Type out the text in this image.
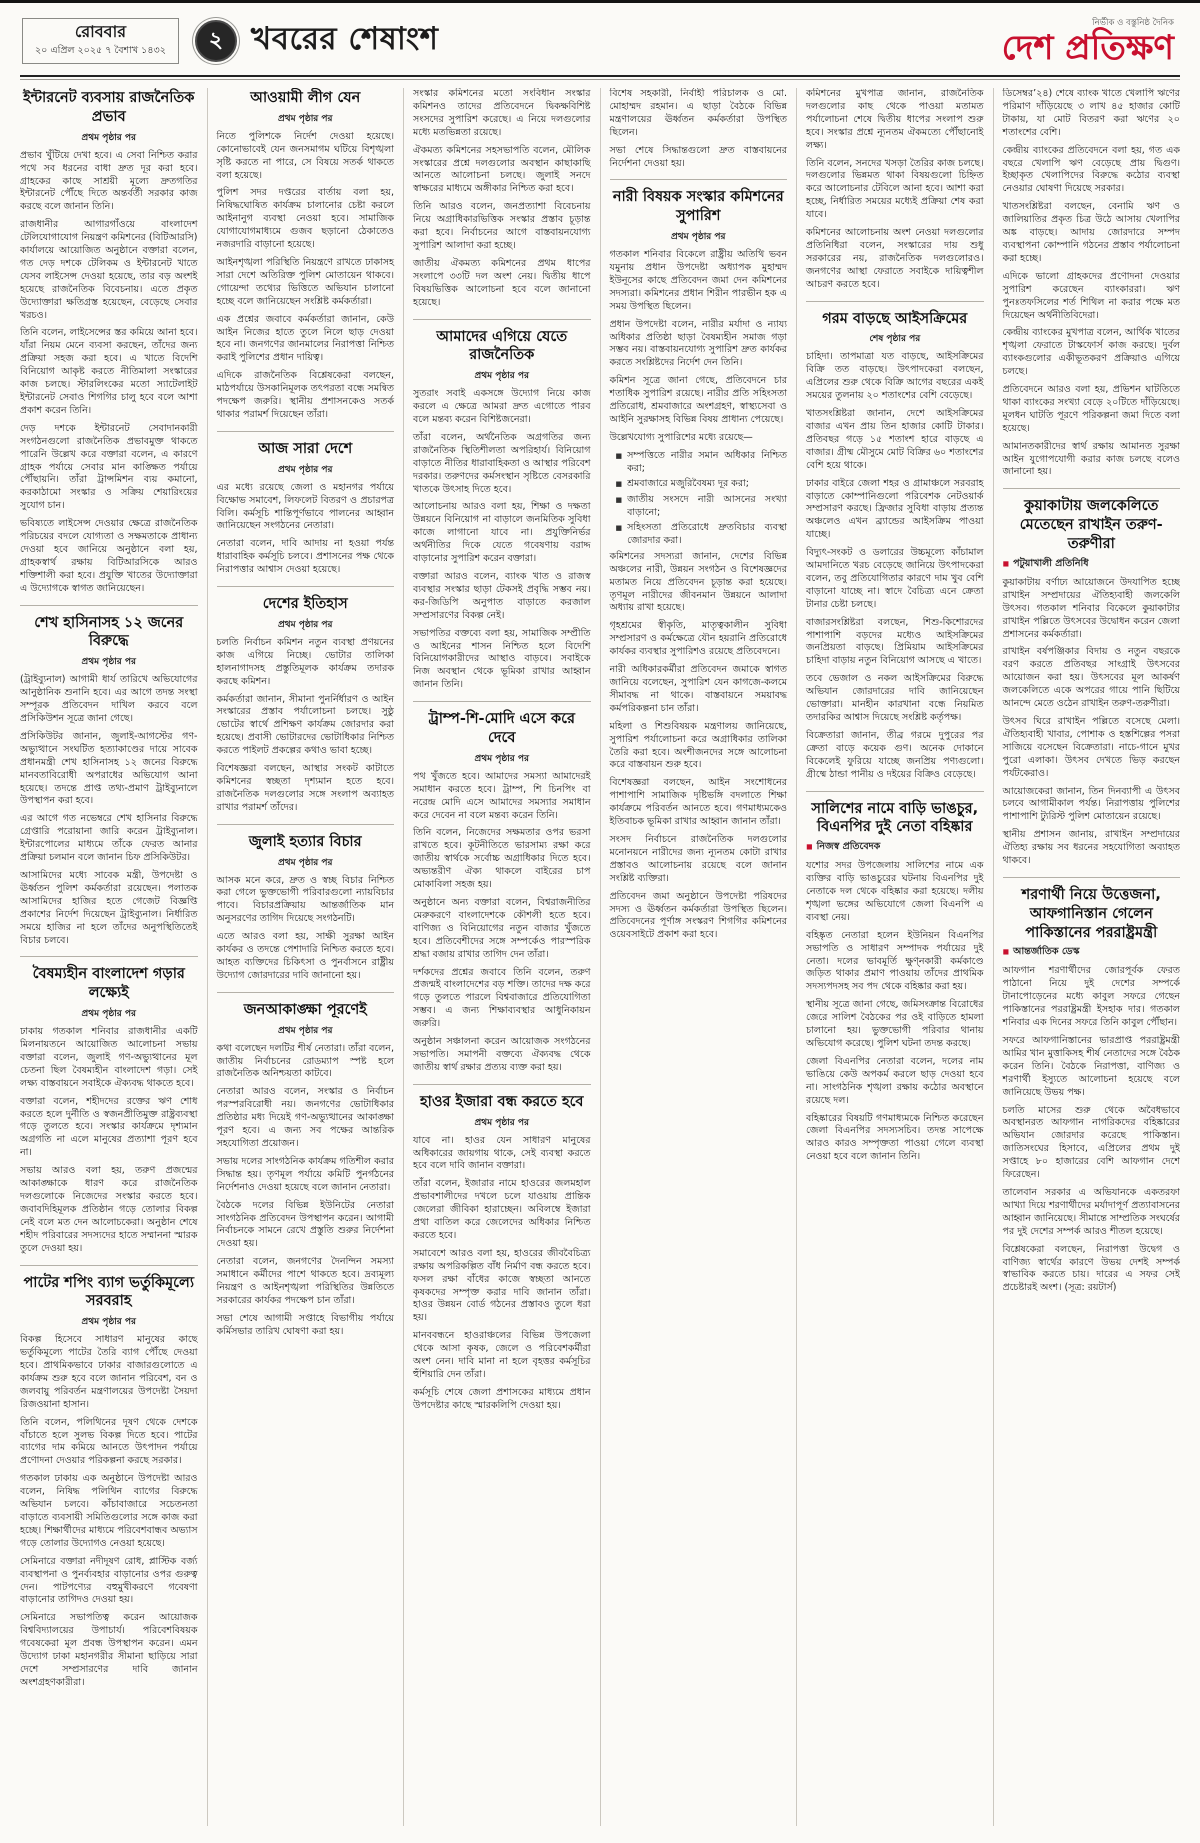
রোববার
২০ এপ্রিল ২০২৫ ৭ বৈশাখ ১৪৩২ ২ খবরের শেষাংশ	নির্ভীক ও বস্তুনিষ্ঠ দৈনিক
দেশ প্রতিক্ষণ
ইন্টারনেট ব্যবসায় রাজনৈতিক প্রভাব
প্রথম পৃষ্ঠার পর

প্রভাব খুঁটিয়ে দেখা হবে। এ সেবা নিশ্চিত করার পথে সব ধরনের বাধা দ্রুত দূর করা হবে। গ্রাহকের কাছে সাশ্রয়ী মূল্যে দ্রুতগতির ইন্টারনেট পৌঁছে দিতে অন্তর্বর্তী সরকার কাজ করছে বলে জানান তিনি।

রাজধানীর আগারগাঁওয়ে বাংলাদেশ টেলিযোগাযোগ নিয়ন্ত্রণ কমিশনের (বিটিআরসি) কার্যালয়ে আয়োজিত অনুষ্ঠানে বক্তারা বলেন, গত দেড় দশকে টেলিকম ও ইন্টারনেট খাতে যেসব লাইসেন্স দেওয়া হয়েছে, তার বড় অংশই হয়েছে রাজনৈতিক বিবেচনায়। এতে প্রকৃত উদ্যোক্তারা ক্ষতিগ্রস্ত হয়েছেন, বেড়েছে সেবার খরচও।

তিনি বলেন, লাইসেন্সের স্তর কমিয়ে আনা হবে। যাঁরা নিয়ম মেনে ব্যবসা করছেন, তাঁদের জন্য প্রক্রিয়া সহজ করা হবে। এ খাতে বিদেশি বিনিয়োগ আকৃষ্ট করতে নীতিমালা সংস্কারের কাজ চলছে। স্টারলিংকের মতো স্যাটেলাইট ইন্টারনেট সেবাও শিগগির চালু হবে বলে আশা প্রকাশ করেন তিনি।

দেড় দশকে ইন্টারনেট সেবাদানকারী সংগঠনগুলো রাজনৈতিক প্রভাবমুক্ত থাকতে পারেনি উল্লেখ করে বক্তারা বলেন, এ কারণে গ্রাহক পর্যায়ে সেবার মান কাঙ্ক্ষিত পর্যায়ে পৌঁছায়নি। তাঁরা ট্রান্সমিশন ব্যয় কমানো, করকাঠামো সংস্কার ও সক্রিয় শেয়ারিংয়ের সুযোগ চান।

ভবিষ্যতে লাইসেন্স দেওয়ার ক্ষেত্রে রাজনৈতিক পরিচয়ের বদলে যোগ্যতা ও সক্ষমতাকে প্রাধান্য দেওয়া হবে জানিয়ে অনুষ্ঠানে বলা হয়, গ্রাহকস্বার্থ রক্ষায় বিটিআরসিকে আরও শক্তিশালী করা হবে। প্রযুক্তি খাতের উদ্যোক্তারা এ উদ্যোগকে স্বাগত জানিয়েছেন।

শেখ হাসিনাসহ ১২ জনের বিরুদ্ধে
প্রথম পৃষ্ঠার পর

(ট্রাইব্যুনাল) আগামী ধার্য তারিখে অভিযোগের আনুষ্ঠানিক শুনানি হবে। এর আগে তদন্ত সংস্থা সম্পূরক প্রতিবেদন দাখিল করবে বলে প্রসিকিউশন সূত্রে জানা গেছে।

প্রসিকিউটর জানান, জুলাই-আগস্টের গণ-অভ্যুত্থানে সংঘটিত হত্যাকাণ্ডের দায়ে সাবেক প্রধানমন্ত্রী শেখ হাসিনাসহ ১২ জনের বিরুদ্ধে মানবতাবিরোধী অপরাধের অভিযোগ আনা হয়েছে। তদন্তে প্রাপ্ত তথ্য-প্রমাণ ট্রাইব্যুনালে উপস্থাপন করা হবে।

এর আগে গত নভেম্বরে শেখ হাসিনার বিরুদ্ধে গ্রেপ্তারি পরোয়ানা জারি করেন ট্রাইব্যুনাল। ইন্টারপোলের মাধ্যমে তাঁকে ফেরত আনার প্রক্রিয়া চলমান বলে জানান চিফ প্রসিকিউটর।

আসামিদের মধ্যে সাবেক মন্ত্রী, উপদেষ্টা ও ঊর্ধ্বতন পুলিশ কর্মকর্তারা রয়েছেন। পলাতক আসামিদের হাজির হতে গেজেট বিজ্ঞপ্তি প্রকাশের নির্দেশ দিয়েছেন ট্রাইব্যুনাল। নির্ধারিত সময়ে হাজির না হলে তাঁদের অনুপস্থিতিতেই বিচার চলবে।

বৈষম্যহীন বাংলাদেশ গড়ার লক্ষ্যেই
প্রথম পৃষ্ঠার পর

ঢাকায় গতকাল শনিবার রাজধানীর একটি মিলনায়তনে আয়োজিত আলোচনা সভায় বক্তারা বলেন, জুলাই গণ-অভ্যুত্থানের মূল চেতনা ছিল বৈষম্যহীন বাংলাদেশ গড়া। সেই লক্ষ্য বাস্তবায়নে সবাইকে ঐক্যবদ্ধ থাকতে হবে।

বক্তারা বলেন, শহীদদের রক্তের ঋণ শোধ করতে হলে দুর্নীতি ও স্বজনপ্রীতিমুক্ত রাষ্ট্রব্যবস্থা গড়ে তুলতে হবে। সংস্কার কার্যক্রমে দৃশ্যমান অগ্রগতি না এলে মানুষের প্রত্যাশা পূরণ হবে না।

সভায় আরও বলা হয়, তরুণ প্রজন্মের আকাঙ্ক্ষাকে ধারণ করে রাজনৈতিক দলগুলোকে নিজেদের সংস্কার করতে হবে। জবাবদিহিমূলক প্রতিষ্ঠান গড়ে তোলার বিকল্প নেই বলে মত দেন আলোচকেরা। অনুষ্ঠান শেষে শহীদ পরিবারের সদস্যদের হাতে সম্মাননা স্মারক তুলে দেওয়া হয়।

পাটের শপিং ব্যাগ ভর্তুকিমূল্যে সরবরাহ
প্রথম পৃষ্ঠার পর

বিকল্প হিসেবে সাধারণ মানুষের কাছে ভর্তুকিমূল্যে পাটের তৈরি ব্যাগ পৌঁছে দেওয়া হবে। প্রাথমিকভাবে ঢাকার বাজারগুলোতে এ কার্যক্রম শুরু হবে বলে জানান পরিবেশ, বন ও জলবায়ু পরিবর্তন মন্ত্রণালয়ের উপদেষ্টা সৈয়দা রিজওয়ানা হাসান।

তিনি বলেন, পলিথিনের দূষণ থেকে দেশকে বাঁচাতে হলে সুলভ বিকল্প দিতে হবে। পাটের ব্যাগের দাম কমিয়ে আনতে উৎপাদন পর্যায়ে প্রণোদনা দেওয়ার পরিকল্পনা করছে সরকার।

গতকাল ঢাকায় এক অনুষ্ঠানে উপদেষ্টা আরও বলেন, নিষিদ্ধ পলিথিন ব্যাগের বিরুদ্ধে অভিযান চলবে। কাঁচাবাজারে সচেতনতা বাড়াতে ব্যবসায়ী সমিতিগুলোর সঙ্গে কাজ করা হচ্ছে। শিক্ষার্থীদের মাধ্যমে পরিবেশবান্ধব অভ্যাস গড়ে তোলার উদ্যোগও নেওয়া হয়েছে।

সেমিনারে বক্তারা নদীদূষণ রোধ, প্লাস্টিক বর্জ্য ব্যবস্থাপনা ও পুনর্ব্যবহার বাড়ানোর ওপর গুরুত্ব দেন। পাটপণ্যের বহুমুখীকরণে গবেষণা বাড়ানোর তাগিদও দেওয়া হয়।

সেমিনারে সভাপতিত্ব করেন আয়োজক বিশ্ববিদ্যালয়ের উপাচার্য। পরিবেশবিষয়ক গবেষকেরা মূল প্রবন্ধ উপস্থাপন করেন। এমন উদ্যোগ ঢাকা মহানগরীর সীমানা ছাড়িয়ে সারা দেশে সম্প্রসারণের দাবি জানান অংশগ্রহণকারীরা।

আওয়ামী লীগ যেন
প্রথম পৃষ্ঠার পর

নিতে পুলিশকে নির্দেশ দেওয়া হয়েছে। কোনোভাবেই যেন জনসমাগম ঘটিয়ে বিশৃঙ্খলা সৃষ্টি করতে না পারে, সে বিষয়ে সতর্ক থাকতে বলা হয়েছে।

পুলিশ সদর দপ্তরের বার্তায় বলা হয়, নিষিদ্ধঘোষিত কার্যক্রম চালানোর চেষ্টা করলে আইনানুগ ব্যবস্থা নেওয়া হবে। সামাজিক যোগাযোগমাধ্যমে গুজব ছড়ানো ঠেকাতেও নজরদারি বাড়ানো হয়েছে।

আইনশৃঙ্খলা পরিস্থিতি নিয়ন্ত্রণে রাখতে ঢাকাসহ সারা দেশে অতিরিক্ত পুলিশ মোতায়েন থাকবে। গোয়েন্দা তথ্যের ভিত্তিতে অভিযান চালানো হচ্ছে বলে জানিয়েছেন সংশ্লিষ্ট কর্মকর্তারা।

এক প্রশ্নের জবাবে কর্মকর্তারা জানান, কেউ আইন নিজের হাতে তুলে নিলে ছাড় দেওয়া হবে না। জনগণের জানমালের নিরাপত্তা নিশ্চিত করাই পুলিশের প্রধান দায়িত্ব।

এদিকে রাজনৈতিক বিশ্লেষকেরা বলছেন, মাঠপর্যায়ে উসকানিমূলক তৎপরতা বন্ধে সমন্বিত পদক্ষেপ জরুরি। স্থানীয় প্রশাসনকেও সতর্ক থাকার পরামর্শ দিয়েছেন তাঁরা।

আজ সারা দেশে
প্রথম পৃষ্ঠার পর

এর মধ্যে রয়েছে জেলা ও মহানগর পর্যায়ে বিক্ষোভ সমাবেশ, লিফলেট বিতরণ ও প্রচারপত্র বিলি। কর্মসূচি শান্তিপূর্ণভাবে পালনের আহ্বান জানিয়েছেন সংগঠনের নেতারা।

নেতারা বলেন, দাবি আদায় না হওয়া পর্যন্ত ধারাবাহিক কর্মসূচি চলবে। প্রশাসনের পক্ষ থেকে নিরাপত্তার আশ্বাস দেওয়া হয়েছে।

দেশের ইতিহাস
প্রথম পৃষ্ঠার পর

চলতি নির্বাচন কমিশন নতুন ব্যবস্থা প্রণয়নের কাজ এগিয়ে নিচ্ছে। ভোটার তালিকা হালনাগাদসহ প্রস্তুতিমূলক কার্যক্রম তদারক করছে কমিশন।

কর্মকর্তারা জানান, সীমানা পুনর্নির্ধারণ ও আইন সংস্কারের প্রস্তাব পর্যালোচনা চলছে। সুষ্ঠু ভোটের স্বার্থে প্রশিক্ষণ কার্যক্রম জোরদার করা হয়েছে। প্রবাসী ভোটারদের ভোটাধিকার নিশ্চিত করতে পাইলট প্রকল্পের কথাও ভাবা হচ্ছে।

বিশেষজ্ঞরা বলছেন, আস্থার সংকট কাটাতে কমিশনের স্বচ্ছতা দৃশ্যমান হতে হবে। রাজনৈতিক দলগুলোর সঙ্গে সংলাপ অব্যাহত রাখার পরামর্শ তাঁদের।

জুলাই হত্যার বিচার
প্রথম পৃষ্ঠার পর

আসক মনে করে, দ্রুত ও স্বচ্ছ বিচার নিশ্চিত করা গেলে ভুক্তভোগী পরিবারগুলো ন্যায়বিচার পাবে। বিচারপ্রক্রিয়ায় আন্তর্জাতিক মান অনুসরণের তাগিদ দিয়েছে সংগঠনটি।

এতে আরও বলা হয়, সাক্ষী সুরক্ষা আইন কার্যকর ও তদন্তে পেশাদারি নিশ্চিত করতে হবে। আহত ব্যক্তিদের চিকিৎসা ও পুনর্বাসনে রাষ্ট্রীয় উদ্যোগ জোরদারের দাবি জানানো হয়।

জনআকাঙ্ক্ষা পূরণেই
প্রথম পৃষ্ঠার পর

কথা বলেছেন দলটির শীর্ষ নেতারা। তাঁরা বলেন, জাতীয় নির্বাচনের রোডম্যাপ স্পষ্ট হলে রাজনৈতিক অনিশ্চয়তা কাটবে।

নেতারা আরও বলেন, সংস্কার ও নির্বাচন পরস্পরবিরোধী নয়। জনগণের ভোটাধিকার প্রতিষ্ঠার মধ্য দিয়েই গণ-অভ্যুত্থানের আকাঙ্ক্ষা পূরণ হবে। এ জন্য সব পক্ষের আন্তরিক সহযোগিতা প্রয়োজন।

সভায় দলের সাংগঠনিক কার্যক্রম গতিশীল করার সিদ্ধান্ত হয়। তৃণমূল পর্যায়ে কমিটি পুনর্গঠনের নির্দেশনাও দেওয়া হয়েছে বলে জানান নেতারা।

বৈঠকে দলের বিভিন্ন ইউনিটের নেতারা সাংগঠনিক প্রতিবেদন উপস্থাপন করেন। আগামী নির্বাচনকে সামনে রেখে প্রস্তুতি শুরুর নির্দেশনা দেওয়া হয়।

নেতারা বলেন, জনগণের দৈনন্দিন সমস্যা সমাধানে কর্মীদের পাশে থাকতে হবে। দ্রব্যমূল্য নিয়ন্ত্রণ ও আইনশৃঙ্খলা পরিস্থিতির উন্নতিতে সরকারের কার্যকর পদক্ষেপ চান তাঁরা।

সভা শেষে আগামী সপ্তাহে বিভাগীয় পর্যায়ে কর্মিসভার তারিখ ঘোষণা করা হয়।

সংস্কার কমিশনের মতো সংবিধান সংস্কার কমিশনও তাদের প্রতিবেদনে দ্বিকক্ষবিশিষ্ট সংসদের সুপারিশ করেছে। এ নিয়ে দলগুলোর মধ্যে মতভিন্নতা রয়েছে।

ঐকমত্য কমিশনের সহসভাপতি বলেন, মৌলিক সংস্কারের প্রশ্নে দলগুলোর অবস্থান কাছাকাছি আনতে আলোচনা চলছে। জুলাই সনদে স্বাক্ষরের মাধ্যমে অঙ্গীকার নিশ্চিত করা হবে।

তিনি আরও বলেন, জনপ্রত্যাশা বিবেচনায় নিয়ে অগ্রাধিকারভিত্তিক সংস্কার প্রস্তাব চূড়ান্ত করা হবে। নির্বাচনের আগে বাস্তবায়নযোগ্য সুপারিশ আলাদা করা হচ্ছে।

জাতীয় ঐকমত্য কমিশনের প্রথম ধাপের সংলাপে ৩৩টি দল অংশ নেয়। দ্বিতীয় ধাপে বিষয়ভিত্তিক আলোচনা হবে বলে জানানো হয়েছে।

আমাদের এগিয়ে যেতে রাজনৈতিক
প্রথম পৃষ্ঠার পর

সুতরাং সবাই একসঙ্গে উদ্যোগ নিয়ে কাজ করলে এ ক্ষেত্রে আমরা দ্রুত এগোতে পারব বলে মন্তব্য করেন বিশিষ্টজনেরা।

তাঁরা বলেন, অর্থনৈতিক অগ্রগতির জন্য রাজনৈতিক স্থিতিশীলতা অপরিহার্য। বিনিয়োগ বাড়াতে নীতির ধারাবাহিকতা ও আস্থার পরিবেশ দরকার। তরুণদের কর্মসংস্থান সৃষ্টিতে বেসরকারি খাতকে উৎসাহ দিতে হবে।

আলোচনায় আরও বলা হয়, শিক্ষা ও দক্ষতা উন্নয়নে বিনিয়োগ না বাড়ালে জনমিতিক সুবিধা কাজে লাগানো যাবে না। প্রযুক্তিনির্ভর অর্থনীতির দিকে যেতে গবেষণায় বরাদ্দ বাড়ানোর সুপারিশ করেন বক্তারা।

বক্তারা আরও বলেন, ব্যাংক খাত ও রাজস্ব ব্যবস্থার সংস্কার ছাড়া টেকসই প্রবৃদ্ধি সম্ভব নয়। কর-জিডিপি অনুপাত বাড়াতে করজাল সম্প্রসারণের বিকল্প নেই।

সভাপতির বক্তব্যে বলা হয়, সামাজিক সম্প্রীতি ও আইনের শাসন নিশ্চিত হলে বিদেশি বিনিয়োগকারীদের আস্থাও বাড়বে। সবাইকে নিজ অবস্থান থেকে ভূমিকা রাখার আহ্বান জানান তিনি।

ট্রাম্প-শি-মোদি এসে করে দেবে
প্রথম পৃষ্ঠার পর

পথ খুঁজতে হবে। আমাদের সমস্যা আমাদেরই সমাধান করতে হবে। ট্রাম্প, শি চিনপিং বা নরেন্দ্র মোদি এসে আমাদের সমস্যার সমাধান করে দেবেন না বলে মন্তব্য করেন তিনি।

তিনি বলেন, নিজেদের সক্ষমতার ওপর ভরসা রাখতে হবে। কূটনীতিতে ভারসাম্য রক্ষা করে জাতীয় স্বার্থকে সর্বোচ্চ অগ্রাধিকার দিতে হবে। অভ্যন্তরীণ ঐক্য থাকলে বাইরের চাপ মোকাবিলা সহজ হয়।

অনুষ্ঠানে অন্য বক্তারা বলেন, বিশ্বরাজনীতির মেরুকরণে বাংলাদেশকে কৌশলী হতে হবে। বাণিজ্য ও বিনিয়োগের নতুন বাজার খুঁজতে হবে। প্রতিবেশীদের সঙ্গে সম্পর্কেও পারস্পরিক শ্রদ্ধা বজায় রাখার তাগিদ দেন তাঁরা।

দর্শকদের প্রশ্নের জবাবে তিনি বলেন, তরুণ প্রজন্মই বাংলাদেশের বড় শক্তি। তাদের দক্ষ করে গড়ে তুলতে পারলে বিশ্ববাজারে প্রতিযোগিতা সম্ভব। এ জন্য শিক্ষাব্যবস্থার আধুনিকায়ন জরুরি।

অনুষ্ঠান সঞ্চালনা করেন আয়োজক সংগঠনের সভাপতি। সমাপনী বক্তব্যে ঐক্যবদ্ধ থেকে জাতীয় স্বার্থ রক্ষার প্রত্যয় ব্যক্ত করা হয়।

হাওর ইজারা বন্ধ করতে হবে
প্রথম পৃষ্ঠার পর

যাবে না। হাওর যেন সাধারণ মানুষের অধিকারের জায়গায় থাকে, সেই ব্যবস্থা করতে হবে বলে দাবি জানান বক্তারা।

তাঁরা বলেন, ইজারার নামে হাওরের জলমহাল প্রভাবশালীদের দখলে চলে যাওয়ায় প্রান্তিক জেলেরা জীবিকা হারাচ্ছেন। অবিলম্বে ইজারা প্রথা বাতিল করে জেলেদের অধিকার নিশ্চিত করতে হবে।

সমাবেশে আরও বলা হয়, হাওরের জীববৈচিত্র্য রক্ষায় অপরিকল্পিত বাঁধ নির্মাণ বন্ধ করতে হবে। ফসল রক্ষা বাঁধের কাজে স্বচ্ছতা আনতে কৃষকদের সম্পৃক্ত করার দাবি জানান তাঁরা। হাওর উন্নয়ন বোর্ড গঠনের প্রস্তাবও তুলে ধরা হয়।

মানববন্ধনে হাওরাঞ্চলের বিভিন্ন উপজেলা থেকে আসা কৃষক, জেলে ও পরিবেশকর্মীরা অংশ নেন। দাবি মানা না হলে বৃহত্তর কর্মসূচির হুঁশিয়ারি দেন তাঁরা।

কর্মসূচি শেষে জেলা প্রশাসকের মাধ্যমে প্রধান উপদেষ্টার কাছে স্মারকলিপি দেওয়া হয়।

বিশেষ সহকারী, নির্বাহী পরিচালক ও মো. মোহাম্মদ রহমান। এ ছাড়া বৈঠকে বিভিন্ন মন্ত্রণালয়ের ঊর্ধ্বতন কর্মকর্তারা উপস্থিত ছিলেন।

সভা শেষে সিদ্ধান্তগুলো দ্রুত বাস্তবায়নের নির্দেশনা দেওয়া হয়।

নারী বিষয়ক সংস্কার কমিশনের সুপারিশ
প্রথম পৃষ্ঠার পর

গতকাল শনিবার বিকেলে রাষ্ট্রীয় অতিথি ভবন যমুনায় প্রধান উপদেষ্টা অধ্যাপক মুহাম্মদ ইউনূসের কাছে প্রতিবেদন জমা দেন কমিশনের সদস্যরা। কমিশনের প্রধান শিরীন পারভীন হক এ সময় উপস্থিত ছিলেন।

প্রধান উপদেষ্টা বলেন, নারীর মর্যাদা ও ন্যায্য অধিকার প্রতিষ্ঠা ছাড়া বৈষম্যহীন সমাজ গড়া সম্ভব নয়। বাস্তবায়নযোগ্য সুপারিশ দ্রুত কার্যকর করতে সংশ্লিষ্টদের নির্দেশ দেন তিনি।

কমিশন সূত্রে জানা গেছে, প্রতিবেদনে চার শতাধিক সুপারিশ রয়েছে। নারীর প্রতি সহিংসতা প্রতিরোধ, শ্রমবাজারে অংশগ্রহণ, স্বাস্থ্যসেবা ও আইনি সুরক্ষাসহ বিভিন্ন বিষয় প্রাধান্য পেয়েছে।

উল্লেখযোগ্য সুপারিশের মধ্যে রয়েছে—

■ সম্পত্তিতে নারীর সমান অধিকার নিশ্চিত করা;
■ শ্রমবাজারে মজুরিবৈষম্য দূর করা;
■ জাতীয় সংসদে নারী আসনের সংখ্যা বাড়ানো;
■ সহিংসতা প্রতিরোধে দ্রুতবিচার ব্যবস্থা জোরদার করা।

কমিশনের সদস্যরা জানান, দেশের বিভিন্ন অঞ্চলের নারী, উন্নয়ন সংগঠন ও বিশেষজ্ঞদের মতামত নিয়ে প্রতিবেদন চূড়ান্ত করা হয়েছে। তৃণমূল নারীদের জীবনমান উন্নয়নে আলাদা অধ্যায় রাখা হয়েছে।

গৃহশ্রমের স্বীকৃতি, মাতৃত্বকালীন সুবিধা সম্প্রসারণ ও কর্মক্ষেত্রে যৌন হয়রানি প্রতিরোধে কার্যকর ব্যবস্থার সুপারিশও রয়েছে প্রতিবেদনে।

নারী অধিকারকর্মীরা প্রতিবেদন জমাকে স্বাগত জানিয়ে বলেছেন, সুপারিশ যেন কাগজে-কলমে সীমাবদ্ধ না থাকে। বাস্তবায়নে সময়াবদ্ধ কর্মপরিকল্পনা চান তাঁরা।

মহিলা ও শিশুবিষয়ক মন্ত্রণালয় জানিয়েছে, সুপারিশ পর্যালোচনা করে অগ্রাধিকার তালিকা তৈরি করা হবে। অংশীজনদের সঙ্গে আলোচনা করে বাস্তবায়ন শুরু হবে।

বিশেষজ্ঞরা বলছেন, আইন সংশোধনের পাশাপাশি সামাজিক দৃষ্টিভঙ্গি বদলাতে শিক্ষা কার্যক্রমে পরিবর্তন আনতে হবে। গণমাধ্যমকেও ইতিবাচক ভূমিকা রাখার আহ্বান জানান তাঁরা।

সংসদ নির্বাচনে রাজনৈতিক দলগুলোর মনোনয়নে নারীদের জন্য ন্যূনতম কোটা রাখার প্রস্তাবও আলোচনায় রয়েছে বলে জানান সংশ্লিষ্ট ব্যক্তিরা।

প্রতিবেদন জমা অনুষ্ঠানে উপদেষ্টা পরিষদের সদস্য ও ঊর্ধ্বতন কর্মকর্তারা উপস্থিত ছিলেন। প্রতিবেদনের পূর্ণাঙ্গ সংস্করণ শিগগির কমিশনের ওয়েবসাইটে প্রকাশ করা হবে।

কমিশনের মুখপাত্র জানান, রাজনৈতিক দলগুলোর কাছ থেকে পাওয়া মতামত পর্যালোচনা শেষে দ্বিতীয় ধাপের সংলাপ শুরু হবে। সংস্কার প্রশ্নে ন্যূনতম ঐকমত্যে পৌঁছানোই লক্ষ্য।

তিনি বলেন, সনদের খসড়া তৈরির কাজ চলছে। দলগুলোর ভিন্নমত থাকা বিষয়গুলো চিহ্নিত করে আলোচনার টেবিলে আনা হবে। আশা করা হচ্ছে, নির্ধারিত সময়ের মধ্যেই প্রক্রিয়া শেষ করা যাবে।

কমিশনের আলোচনায় অংশ নেওয়া দলগুলোর প্রতিনিধিরা বলেন, সংস্কারের দায় শুধু সরকারের নয়, রাজনৈতিক দলগুলোরও। জনগণের আস্থা ফেরাতে সবাইকে দায়িত্বশীল আচরণ করতে হবে।

গরম বাড়ছে আইসক্রিমের
শেষ পৃষ্ঠার পর

চাহিদা। তাপমাত্রা যত বাড়ছে, আইসক্রিমের বিক্রি তত বাড়ছে। উৎপাদকেরা বলছেন, এপ্রিলের শুরু থেকে বিক্রি আগের বছরের একই সময়ের তুলনায় ২০ শতাংশের বেশি বেড়েছে।

খাতসংশ্লিষ্টরা জানান, দেশে আইসক্রিমের বাজার এখন প্রায় তিন হাজার কোটি টাকার। প্রতিবছর গড়ে ১৫ শতাংশ হারে বাড়ছে এ বাজার। গ্রীষ্ম মৌসুমে মোট বিক্রির ৬০ শতাংশের বেশি হয়ে থাকে।

ঢাকার বাইরে জেলা শহর ও গ্রামাঞ্চলে সরবরাহ বাড়াতে কোম্পানিগুলো পরিবেশক নেটওয়ার্ক সম্প্রসারণ করছে। ফ্রিজার সুবিধা বাড়ায় প্রত্যন্ত অঞ্চলেও এখন ব্র্যান্ডের আইসক্রিম পাওয়া যাচ্ছে।

বিদ্যুৎ-সংকট ও ডলারের উচ্চমূল্যে কাঁচামাল আমদানিতে খরচ বেড়েছে জানিয়ে উৎপাদকেরা বলেন, তবু প্রতিযোগিতার কারণে দাম খুব বেশি বাড়ানো যাচ্ছে না। স্বাদে বৈচিত্র্য এনে ক্রেতা টানার চেষ্টা চলছে।

বাজারসংশ্লিষ্টরা বলছেন, শিশু-কিশোরদের পাশাপাশি বড়দের মধ্যেও আইসক্রিমের জনপ্রিয়তা বাড়ছে। প্রিমিয়াম আইসক্রিমের চাহিদা বাড়ায় নতুন বিনিয়োগ আসছে এ খাতে।

তবে ভেজাল ও নকল আইসক্রিমের বিরুদ্ধে অভিযান জোরদারের দাবি জানিয়েছেন ভোক্তারা। মানহীন কারখানা বন্ধে নিয়মিত তদারকির আশ্বাস দিয়েছে সংশ্লিষ্ট কর্তৃপক্ষ।

বিক্রেতারা জানান, তীব্র গরমে দুপুরের পর ক্রেতা বাড়ে কয়েক গুণ। অনেক দোকানে বিকেলেই ফুরিয়ে যাচ্ছে জনপ্রিয় পণ্যগুলো। গ্রীষ্মে ঠান্ডা পানীয় ও দইয়ের বিক্রিও বেড়েছে।

সালিশের নামে বাড়ি ভাঙচুর, বিএনপির দুই নেতা বহিষ্কার
◼ নিজস্ব প্রতিবেদক

যশোর সদর উপজেলায় সালিশের নামে এক ব্যক্তির বাড়ি ভাঙচুরের ঘটনায় বিএনপির দুই নেতাকে দল থেকে বহিষ্কার করা হয়েছে। দলীয় শৃঙ্খলা ভঙ্গের অভিযোগে জেলা বিএনপি এ ব্যবস্থা নেয়।

বহিষ্কৃত নেতারা হলেন ইউনিয়ন বিএনপির সভাপতি ও সাধারণ সম্পাদক পর্যায়ের দুই নেতা। দলের ভাবমূর্তি ক্ষুণ্নকারী কর্মকাণ্ডে জড়িত থাকার প্রমাণ পাওয়ায় তাঁদের প্রাথমিক সদস্যপদসহ সব পদ থেকে বহিষ্কার করা হয়।

স্থানীয় সূত্রে জানা গেছে, জমিসংক্রান্ত বিরোধের জেরে সালিশ বৈঠকের পর ওই বাড়িতে হামলা চালানো হয়। ভুক্তভোগী পরিবার থানায় অভিযোগ করেছে। পুলিশ ঘটনা তদন্ত করছে।

জেলা বিএনপির নেতারা বলেন, দলের নাম ভাঙিয়ে কেউ অপকর্ম করলে ছাড় দেওয়া হবে না। সাংগঠনিক শৃঙ্খলা রক্ষায় কঠোর অবস্থানে রয়েছে দল।

বহিষ্কারের বিষয়টি গণমাধ্যমকে নিশ্চিত করেছেন জেলা বিএনপির সদস্যসচিব। তদন্ত সাপেক্ষে আরও কারও সম্পৃক্ততা পাওয়া গেলে ব্যবস্থা নেওয়া হবে বলে জানান তিনি।

ডিসেম্বর’২৪) শেষে ব্যাংক খাতে খেলাপি ঋণের পরিমাণ দাঁড়িয়েছে ৩ লাখ ৪৫ হাজার কোটি টাকায়, যা মোট বিতরণ করা ঋণের ২০ শতাংশের বেশি।

কেন্দ্রীয় ব্যাংকের প্রতিবেদনে বলা হয়, গত এক বছরে খেলাপি ঋণ বেড়েছে প্রায় দ্বিগুণ। ইচ্ছাকৃত খেলাপিদের বিরুদ্ধে কঠোর ব্যবস্থা নেওয়ার ঘোষণা দিয়েছে সরকার।

খাতসংশ্লিষ্টরা বলছেন, বেনামি ঋণ ও জালিয়াতির প্রকৃত চিত্র উঠে আসায় খেলাপির অঙ্ক বাড়ছে। আদায় জোরদারে সম্পদ ব্যবস্থাপনা কোম্পানি গঠনের প্রস্তাব পর্যালোচনা করা হচ্ছে।

এদিকে ভালো গ্রাহকদের প্রণোদনা দেওয়ার সুপারিশ করেছেন ব্যাংকাররা। ঋণ পুনঃতফসিলের শর্ত শিথিল না করার পক্ষে মত দিয়েছেন অর্থনীতিবিদেরা।

কেন্দ্রীয় ব্যাংকের মুখপাত্র বলেন, আর্থিক খাতের শৃঙ্খলা ফেরাতে টাস্কফোর্স কাজ করছে। দুর্বল ব্যাংকগুলোর একীভূতকরণ প্রক্রিয়াও এগিয়ে চলছে।

প্রতিবেদনে আরও বলা হয়, প্রভিশন ঘাটতিতে থাকা ব্যাংকের সংখ্যা বেড়ে ২০টিতে দাঁড়িয়েছে। মূলধন ঘাটতি পূরণে পরিকল্পনা জমা দিতে বলা হয়েছে।

আমানতকারীদের স্বার্থ রক্ষায় আমানত সুরক্ষা আইন যুগোপযোগী করার কাজ চলছে বলেও জানানো হয়।

কুয়াকাটায় জলকেলিতে মেতেছেন রাখাইন তরুণ-তরুণীরা
◼ পটুয়াখালী প্রতিনিধি

কুয়াকাটায় বর্ণাঢ্য আয়োজনে উদযাপিত হচ্ছে রাখাইন সম্প্রদায়ের ঐতিহ্যবাহী জলকেলি উৎসব। গতকাল শনিবার বিকেলে কুয়াকাটার রাখাইন পল্লিতে উৎসবের উদ্বোধন করেন জেলা প্রশাসনের কর্মকর্তারা।

রাখাইন বর্ষপঞ্জিকার বিদায় ও নতুন বছরকে বরণ করতে প্রতিবছর সাংগ্রাই উৎসবের আয়োজন করা হয়। উৎসবের মূল আকর্ষণ জলকেলিতে একে অপরের গায়ে পানি ছিটিয়ে আনন্দে মেতে ওঠেন রাখাইন তরুণ-তরুণীরা।

উৎসব ঘিরে রাখাইন পল্লিতে বসেছে মেলা। ঐতিহ্যবাহী খাবার, পোশাক ও হস্তশিল্পের পসরা সাজিয়ে বসেছেন বিক্রেতারা। নাচে-গানে মুখর পুরো এলাকা। উৎসব দেখতে ভিড় করছেন পর্যটকেরাও।

আয়োজকেরা জানান, তিন দিনব্যাপী এ উৎসব চলবে আগামীকাল পর্যন্ত। নিরাপত্তায় পুলিশের পাশাপাশি ট্যুরিস্ট পুলিশ মোতায়েন রয়েছে।

স্থানীয় প্রশাসন জানায়, রাখাইন সম্প্রদায়ের ঐতিহ্য রক্ষায় সব ধরনের সহযোগিতা অব্যাহত থাকবে।

শরণার্থী নিয়ে উত্তেজনা, আফগানিস্তান গেলেন পাকিস্তানের পররাষ্ট্রমন্ত্রী
◼ আন্তর্জাতিক ডেস্ক

আফগান শরণার্থীদের জোরপূর্বক ফেরত পাঠানো নিয়ে দুই দেশের সম্পর্কে টানাপোড়েনের মধ্যে কাবুল সফরে গেছেন পাকিস্তানের পররাষ্ট্রমন্ত্রী ইসহাক দার। গতকাল শনিবার এক দিনের সফরে তিনি কাবুল পৌঁছান।

সফরে আফগানিস্তানের ভারপ্রাপ্ত পররাষ্ট্রমন্ত্রী আমির খান মুত্তাকিসহ শীর্ষ নেতাদের সঙ্গে বৈঠক করেন তিনি। বৈঠকে নিরাপত্তা, বাণিজ্য ও শরণার্থী ইস্যুতে আলোচনা হয়েছে বলে জানিয়েছে উভয় পক্ষ।

চলতি মাসের শুরু থেকে অবৈধভাবে অবস্থানরত আফগান নাগরিকদের বহিষ্কারের অভিযান জোরদার করেছে পাকিস্তান। জাতিসংঘের হিসাবে, এপ্রিলের প্রথম দুই সপ্তাহে ৮০ হাজারের বেশি আফগান দেশে ফিরেছেন।

তালেবান সরকার এ অভিযানকে একতরফা আখ্যা দিয়ে শরণার্থীদের মর্যাদাপূর্ণ প্রত্যাবাসনের আহ্বান জানিয়েছে। সীমান্তে সাম্প্রতিক সংঘর্ষের পর দুই দেশের সম্পর্ক আরও শীতল হয়েছে।

বিশ্লেষকেরা বলছেন, নিরাপত্তা উদ্বেগ ও বাণিজ্য স্বার্থের কারণে উভয় দেশই সম্পর্ক স্বাভাবিক করতে চায়। দারের এ সফর সেই প্রচেষ্টারই অংশ। (সূত্র: রয়টার্স)
